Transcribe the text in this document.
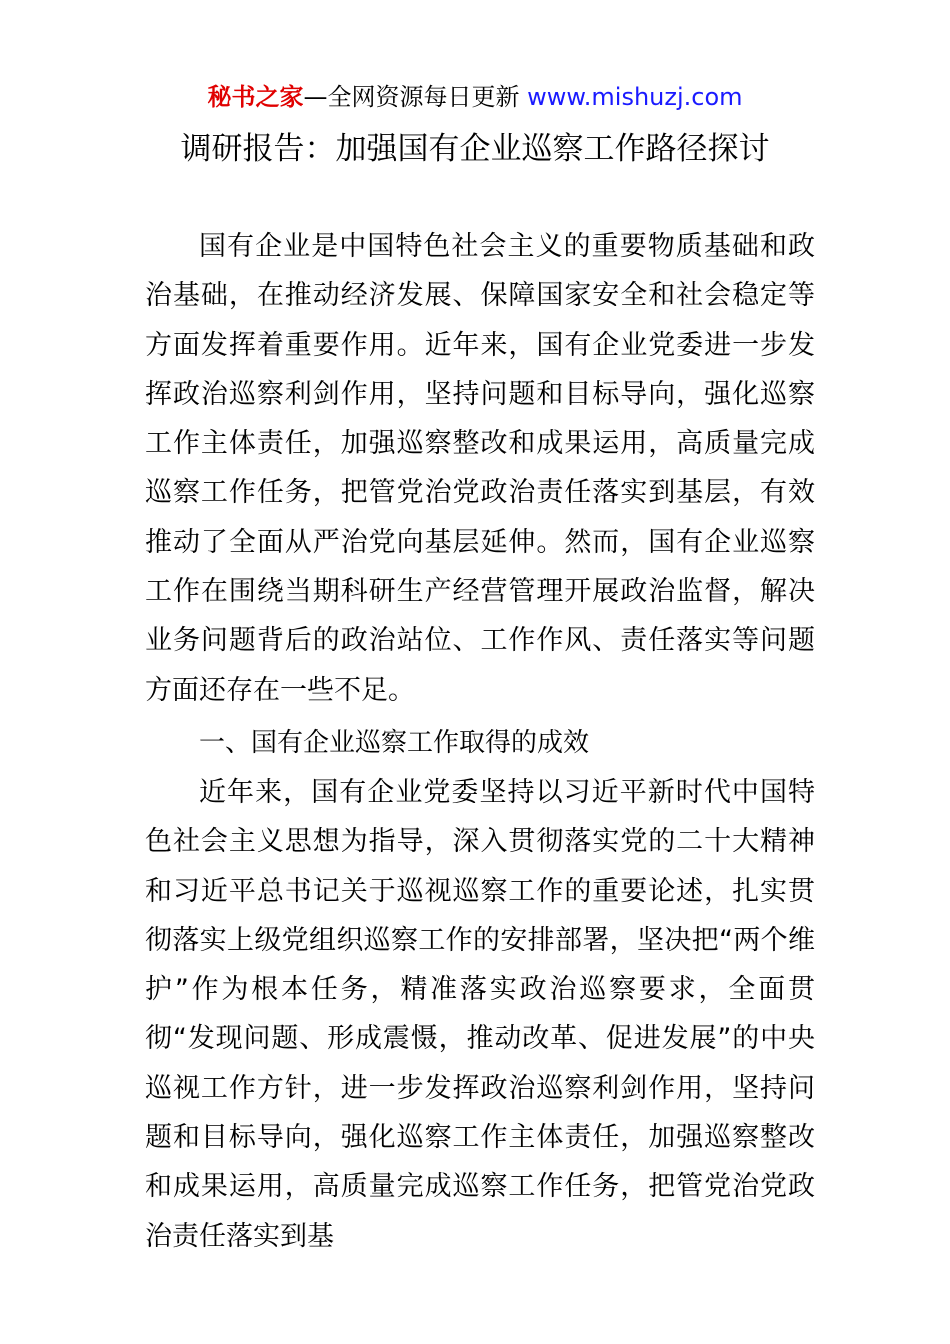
秘书之家—全网资源每日更新 www.mishuzj.com
调研报告：加强国有企业巡察工作路径探讨

国有企业是中国特色社会主义的重要物质基础和政治基础，在推动经济发展、保障国家安全和社会稳定等方面发挥着重要作用。近年来，国有企业党委进一步发挥政治巡察利剑作用，坚持问题和目标导向，强化巡察工作主体责任，加强巡察整改和成果运用，高质量完成巡察工作任务，把管党治党政治责任落实到基层，有效推动了全面从严治党向基层延伸。然而，国有企业巡察工作在围绕当期科研生产经营管理开展政治监督，解决业务问题背后的政治站位、工作作风、责任落实等问题方面还存在一些不足。

一、国有企业巡察工作取得的成效

近年来，国有企业党委坚持以习近平新时代中国特色社会主义思想为指导，深入贯彻落实党的二十大精神和习近平总书记关于巡视巡察工作的重要论述，扎实贯彻落实上级党组织巡察工作的安排部署，坚决把“两个维护”作为根本任务，精准落实政治巡察要求，全面贯彻“发现问题、形成震慑，推动改革、促进发展”的中央巡视工作方针，进一步发挥政治巡察利剑作用，坚持问题和目标导向，强化巡察工作主体责任，加强巡察整改和成果运用，高质量完成巡察工作任务，把管党治党政治责任落实到基
